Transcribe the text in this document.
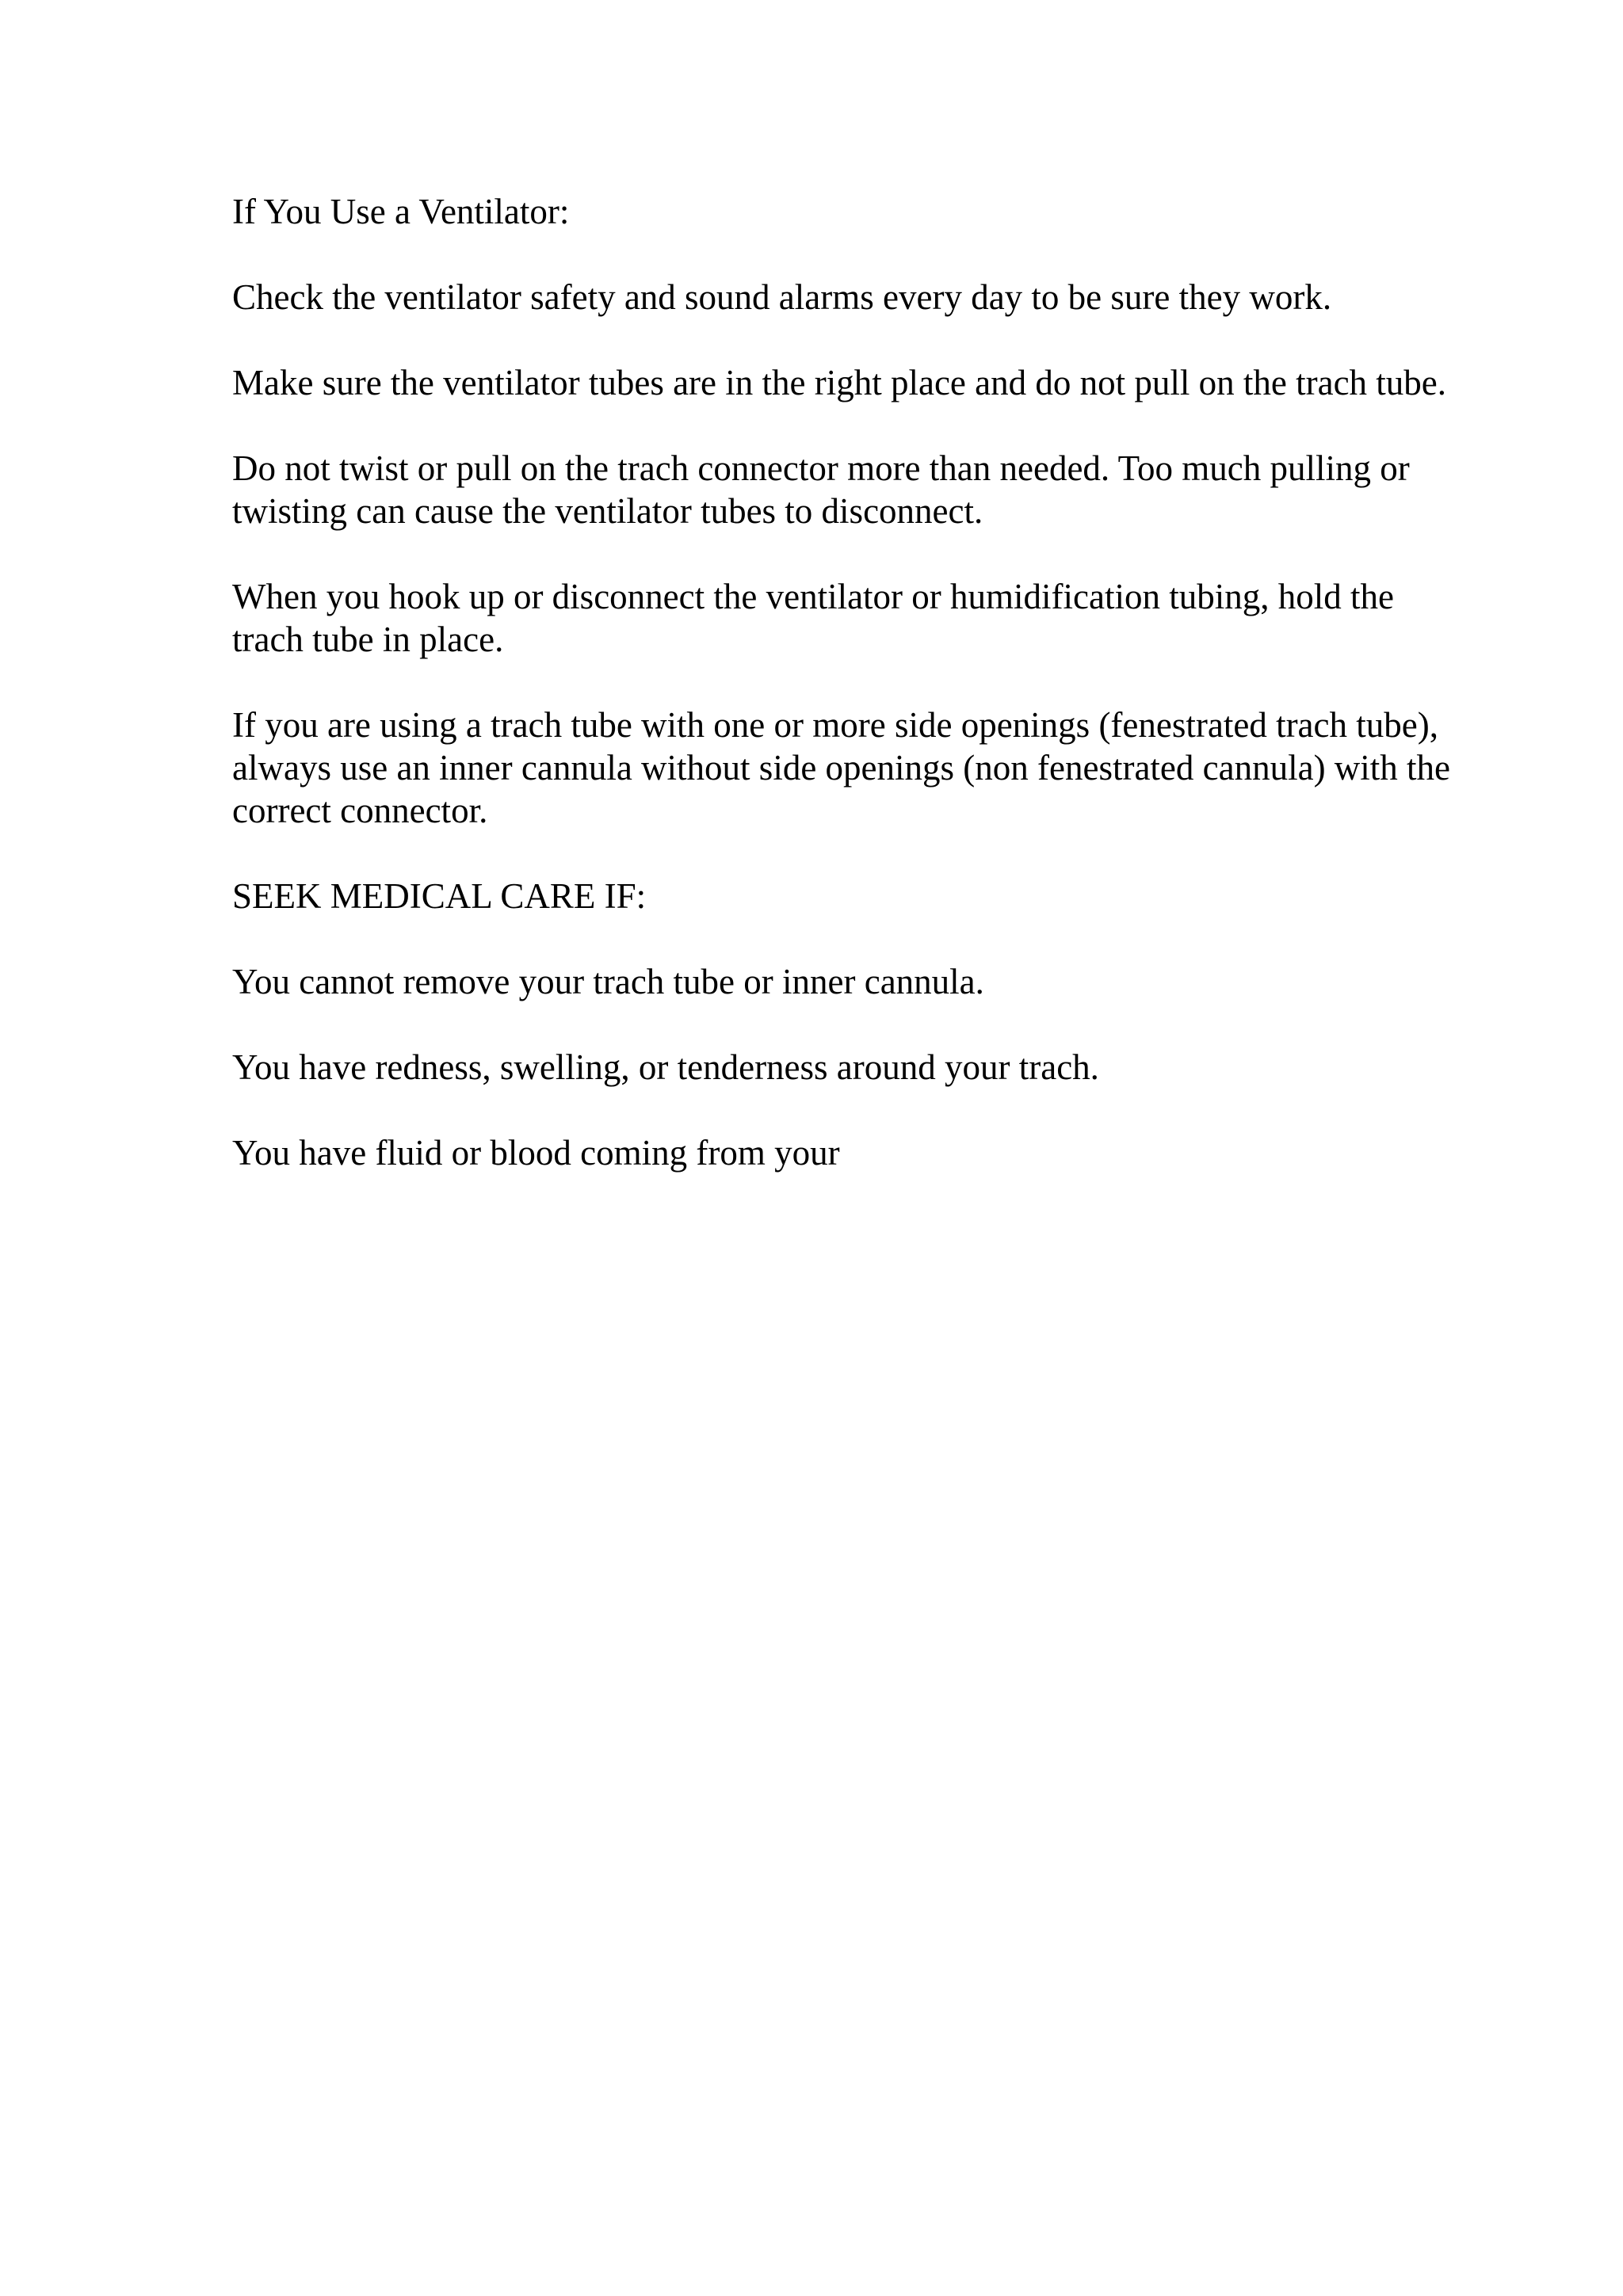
If You Use a Ventilator:

Check the ventilator safety and sound alarms every day to be sure they work.

Make sure the ventilator tubes are in the right place and do not pull on the trach tube.

Do not twist or pull on the trach connector more than needed. Too much pulling or
twisting can cause the ventilator tubes to disconnect.

When you hook up or disconnect the ventilator or humidification tubing, hold the
trach tube in place.

If you are using a trach tube with one or more side openings (fenestrated trach tube),
always use an inner cannula without side openings (non fenestrated cannula) with the
correct connector.

SEEK MEDICAL CARE IF:

You cannot remove your trach tube or inner cannula.

You have redness, swelling, or tenderness around your trach.

You have fluid or blood coming from your
